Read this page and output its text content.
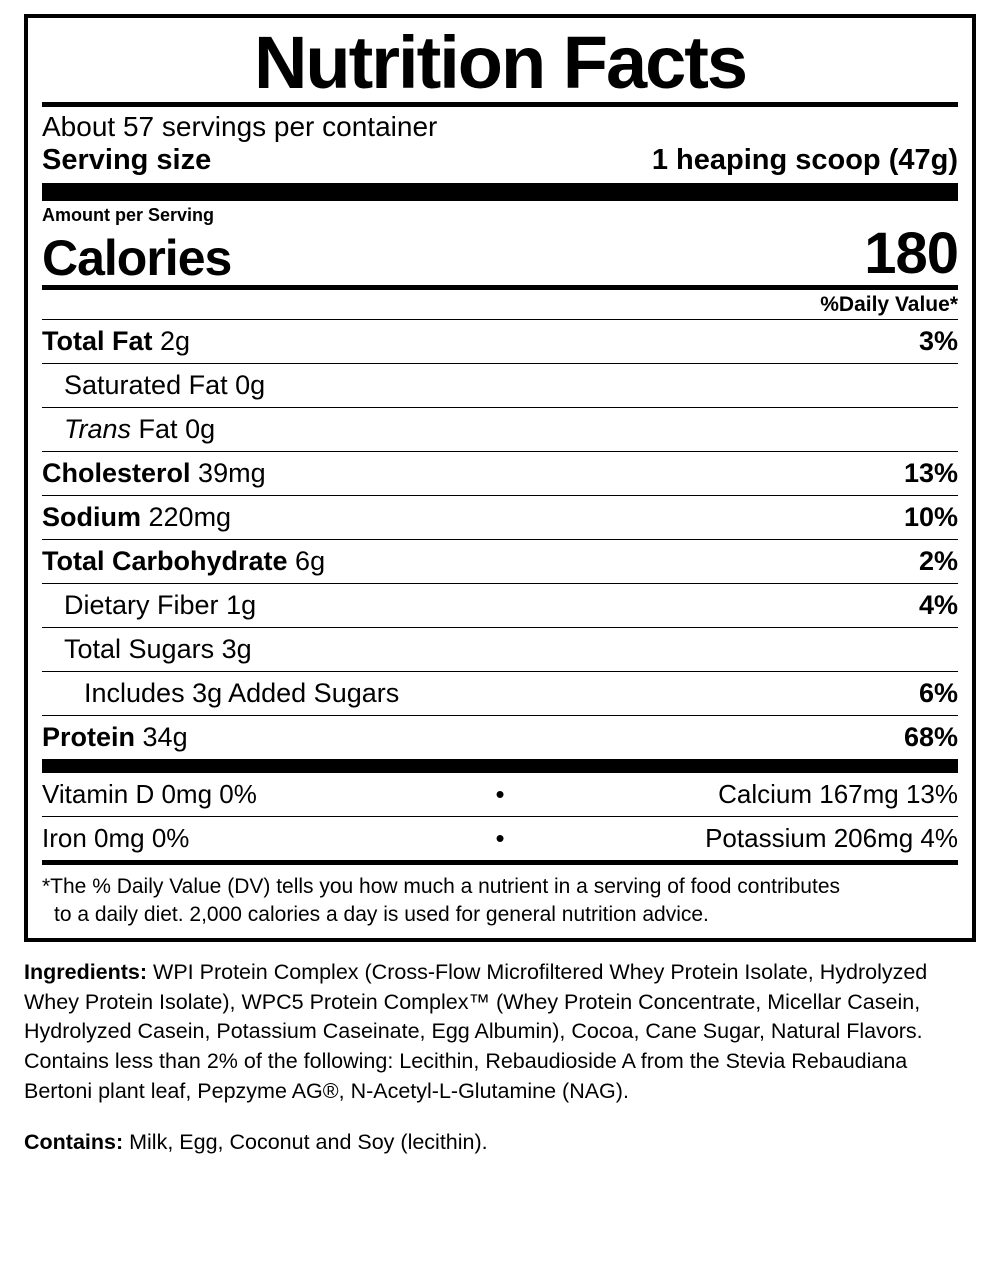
Nutrition Facts
About 57 servings per container
Serving size	1 heaping scoop (47g)
Amount per Serving
Calories	180
%Daily Value*
Total Fat 2g	3%
Saturated Fat 0g
Trans Fat 0g
Cholesterol 39mg	13%
Sodium 220mg	10%
Total Carbohydrate 6g	2%
Dietary Fiber 1g	4%
Total Sugars 3g
Includes 3g Added Sugars	6%
Protein 34g	68%
Vitamin D 0mg 0%	•	Calcium 167mg 13%
Iron 0mg 0%	•	Potassium 206mg 4%
*The % Daily Value (DV) tells you how much a nutrient in a serving of food contributes
to a daily diet. 2,000 calories a day is used for general nutrition advice.
Ingredients: WPI Protein Complex (Cross-Flow Microfiltered Whey Protein Isolate, Hydrolyzed Whey Protein Isolate), WPC5 Protein Complex™ (Whey Protein Concentrate, Micellar Casein, Hydrolyzed Casein, Potassium Caseinate, Egg Albumin), Cocoa, Cane Sugar, Natural Flavors. Contains less than 2% of the following: Lecithin, Rebaudioside A from the Stevia Rebaudiana Bertoni plant leaf, Pepzyme AG®, N-Acetyl-L-Glutamine (NAG).
Contains: Milk, Egg, Coconut and Soy (lecithin).
